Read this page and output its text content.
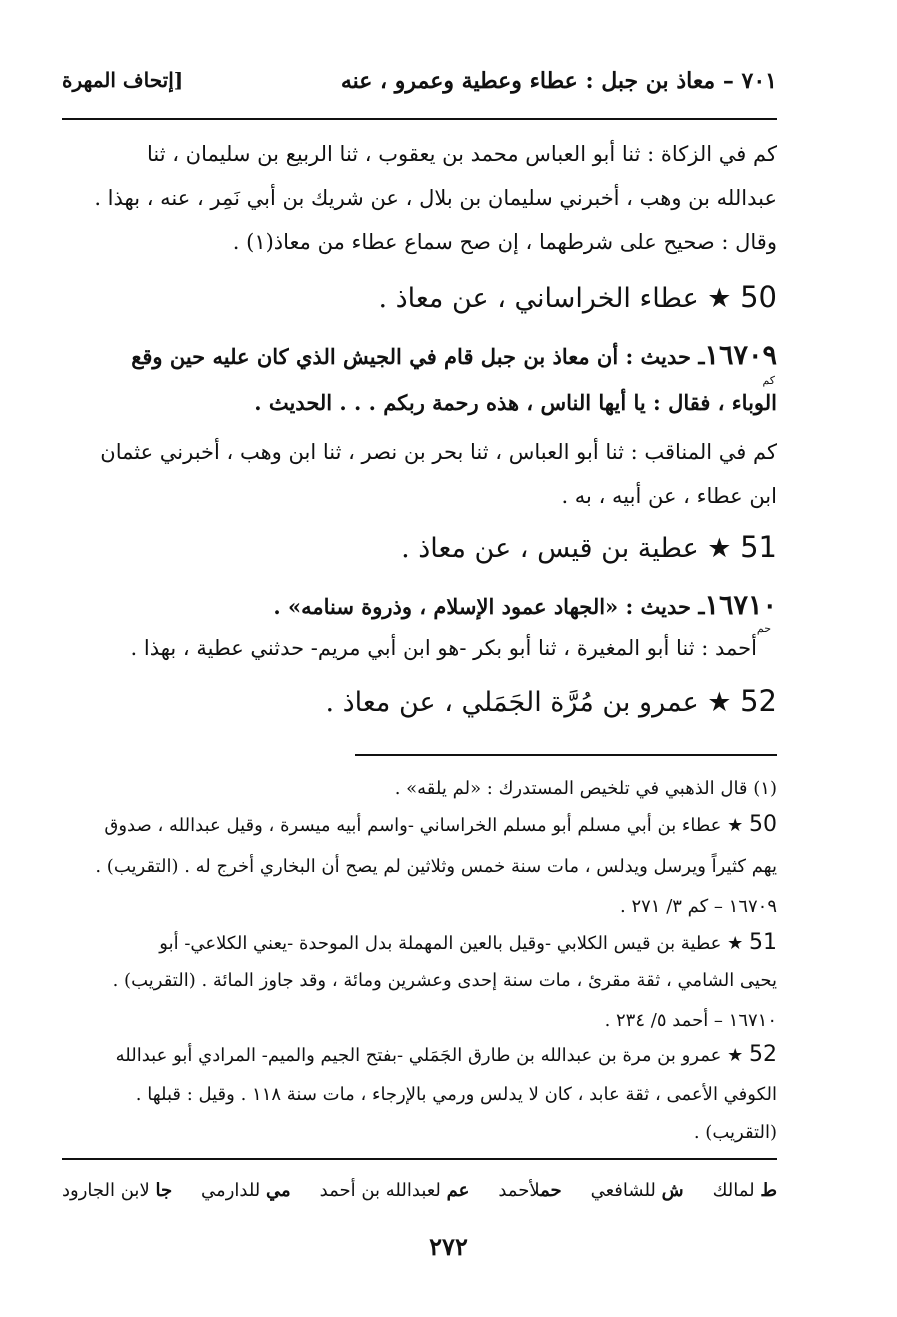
٧٠١ – معاذ بن جبل : عطاء وعطية وعمرو ، عنه
[إتحاف المهرة
كم في الزكاة : ثنا أبو العباس محمد بن يعقوب ، ثنا الربيع بن سليمان ، ثنا
عبدالله بن وهب ، أخبرني سليمان بن بلال ، عن شريك بن أبي نَمِر ، عنه ، بهذا .
وقال : صحيح على شرطهما ، إن صح سماع عطاء من معاذ(١) .
50 ★ عطاء الخراساني ، عن معاذ .
١٦٧٠٩ـ حديث : أن معاذ بن جبل قام في الجيش الذي كان عليه حين وقع
كم
الوباء ، فقال : يا أيها الناس ، هذه رحمة ربكم . . . الحديث .
كم في المناقب : ثنا أبو العباس ، ثنا بحر بن نصر ، ثنا ابن وهب ، أخبرني عثمان
ابن عطاء ، عن أبيه ، به .
51 ★ عطية بن قيس ، عن معاذ .
١٦٧١٠ـ حديث : «الجهاد عمود الإسلام ، وذروة سنامه» .
حم
أحمد : ثنا أبو المغيرة ، ثنا أبو بكر -هو ابن أبي مريم- حدثني عطية ، بهذا .
52 ★ عمرو بن مُرَّة الجَمَلي ، عن معاذ .
(١) قال الذهبي في تلخيص المستدرك : «لم يلقه» .
50 ★ عطاء بن أبي مسلم أبو مسلم الخراساني -واسم أبيه ميسرة ، وقيل عبدالله ، صدوق
يهم كثيراً ويرسل ويدلس ، مات سنة خمس وثلاثين لم يصح أن البخاري أخرج له . (التقريب) .
١٦٧٠٩ – كم ٣/ ٢٧١ .
51 ★ عطية بن قيس الكلابي -وقيل بالعين المهملة بدل الموحدة -يعني الكلاعي- أبو
يحيى الشامي ، ثقة مقرئ ، مات سنة إحدى وعشرين ومائة ، وقد جاوز المائة . (التقريب) .
١٦٧١٠ – أحمد ٥/ ٢٣٤ .
52 ★ عمرو بن مرة بن عبدالله بن طارق الجَمَلي -بفتح الجيم والميم- المرادي أبو عبدالله
الكوفي الأعمى ، ثقة عابد ، كان لا يدلس ورمي بالإرجاء ، مات سنة ١١٨ . وقيل : قبلها .
(التقريب) .
ط لمالك
ش للشافعي
حملأحمد
عم لعبدالله بن أحمد
مي للدارمي
جا لابن الجارود
٢٧٢
